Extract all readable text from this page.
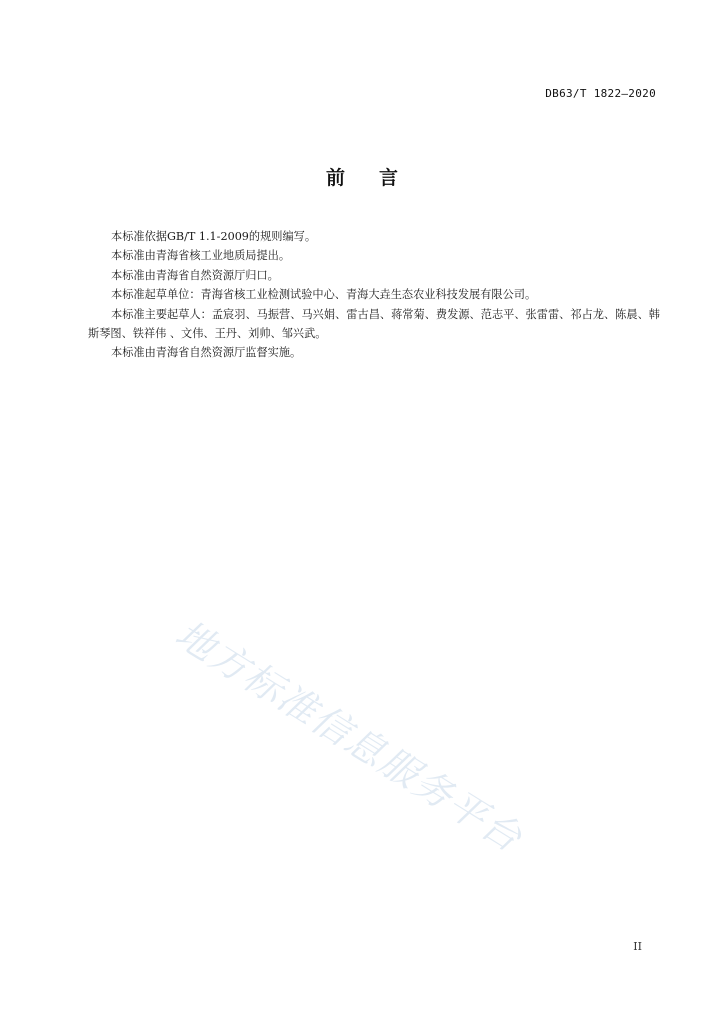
DB63/T 1822—2020
前 言

本标准依据GB/T 1.1-2009的规则编写。

本标准由青海省核工业地质局提出。

本标准由青海省自然资源厅归口。

本标准起草单位：青海省核工业检测试验中心、青海大垚生态农业科技发展有限公司。

本标准主要起草人：孟宸羽、马振营、马兴娟、雷古昌、蒋常菊、费发源、范志平、张雷雷、祁占龙、陈晨、韩斯琴图、铁祥伟 、文伟、王丹、刘帅、邹兴武。

本标准由青海省自然资源厅监督实施。

地方标准信息服务平台
II
